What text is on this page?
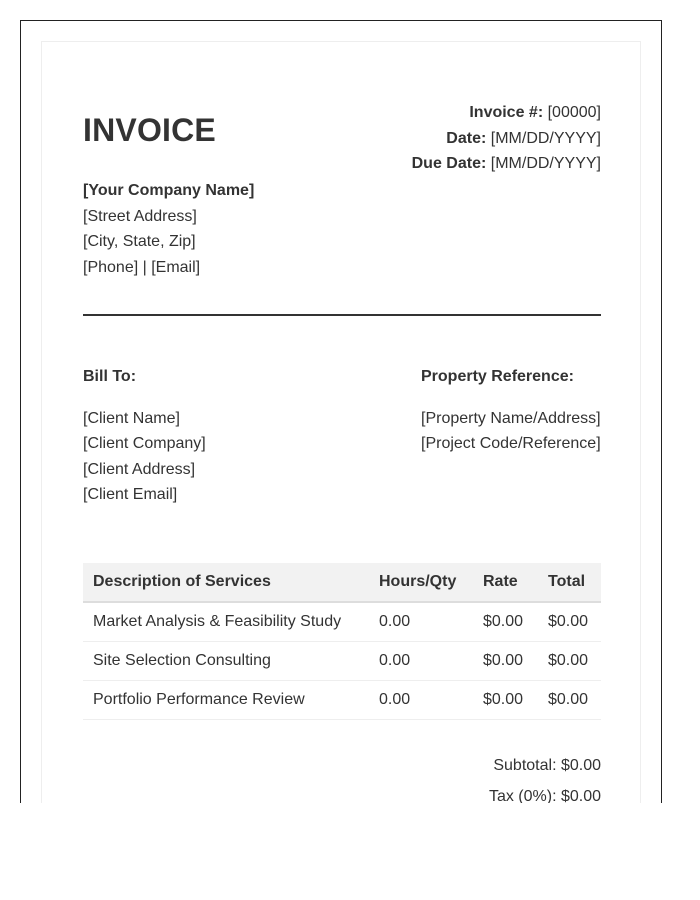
INVOICE	Invoice #: [00000]
Date: [MM/DD/YYYY]
Due Date: [MM/DD/YYYY]
[Your Company Name]
[Street Address]
[City, State, Zip]
[Phone] | [Email]
Bill To:
[Client Name]
[Client Company]
[Client Address]
[Client Email]
Property Reference:
[Property Name/Address]
[Project Code/Reference]
Description of Services	Hours/Qty	Rate	Total
Market Analysis & Feasibility Study	0.00	$0.00	$0.00
Site Selection Consulting	0.00	$0.00	$0.00
Portfolio Performance Review	0.00	$0.00	$0.00
Subtotal: $0.00
Tax (0%): $0.00
